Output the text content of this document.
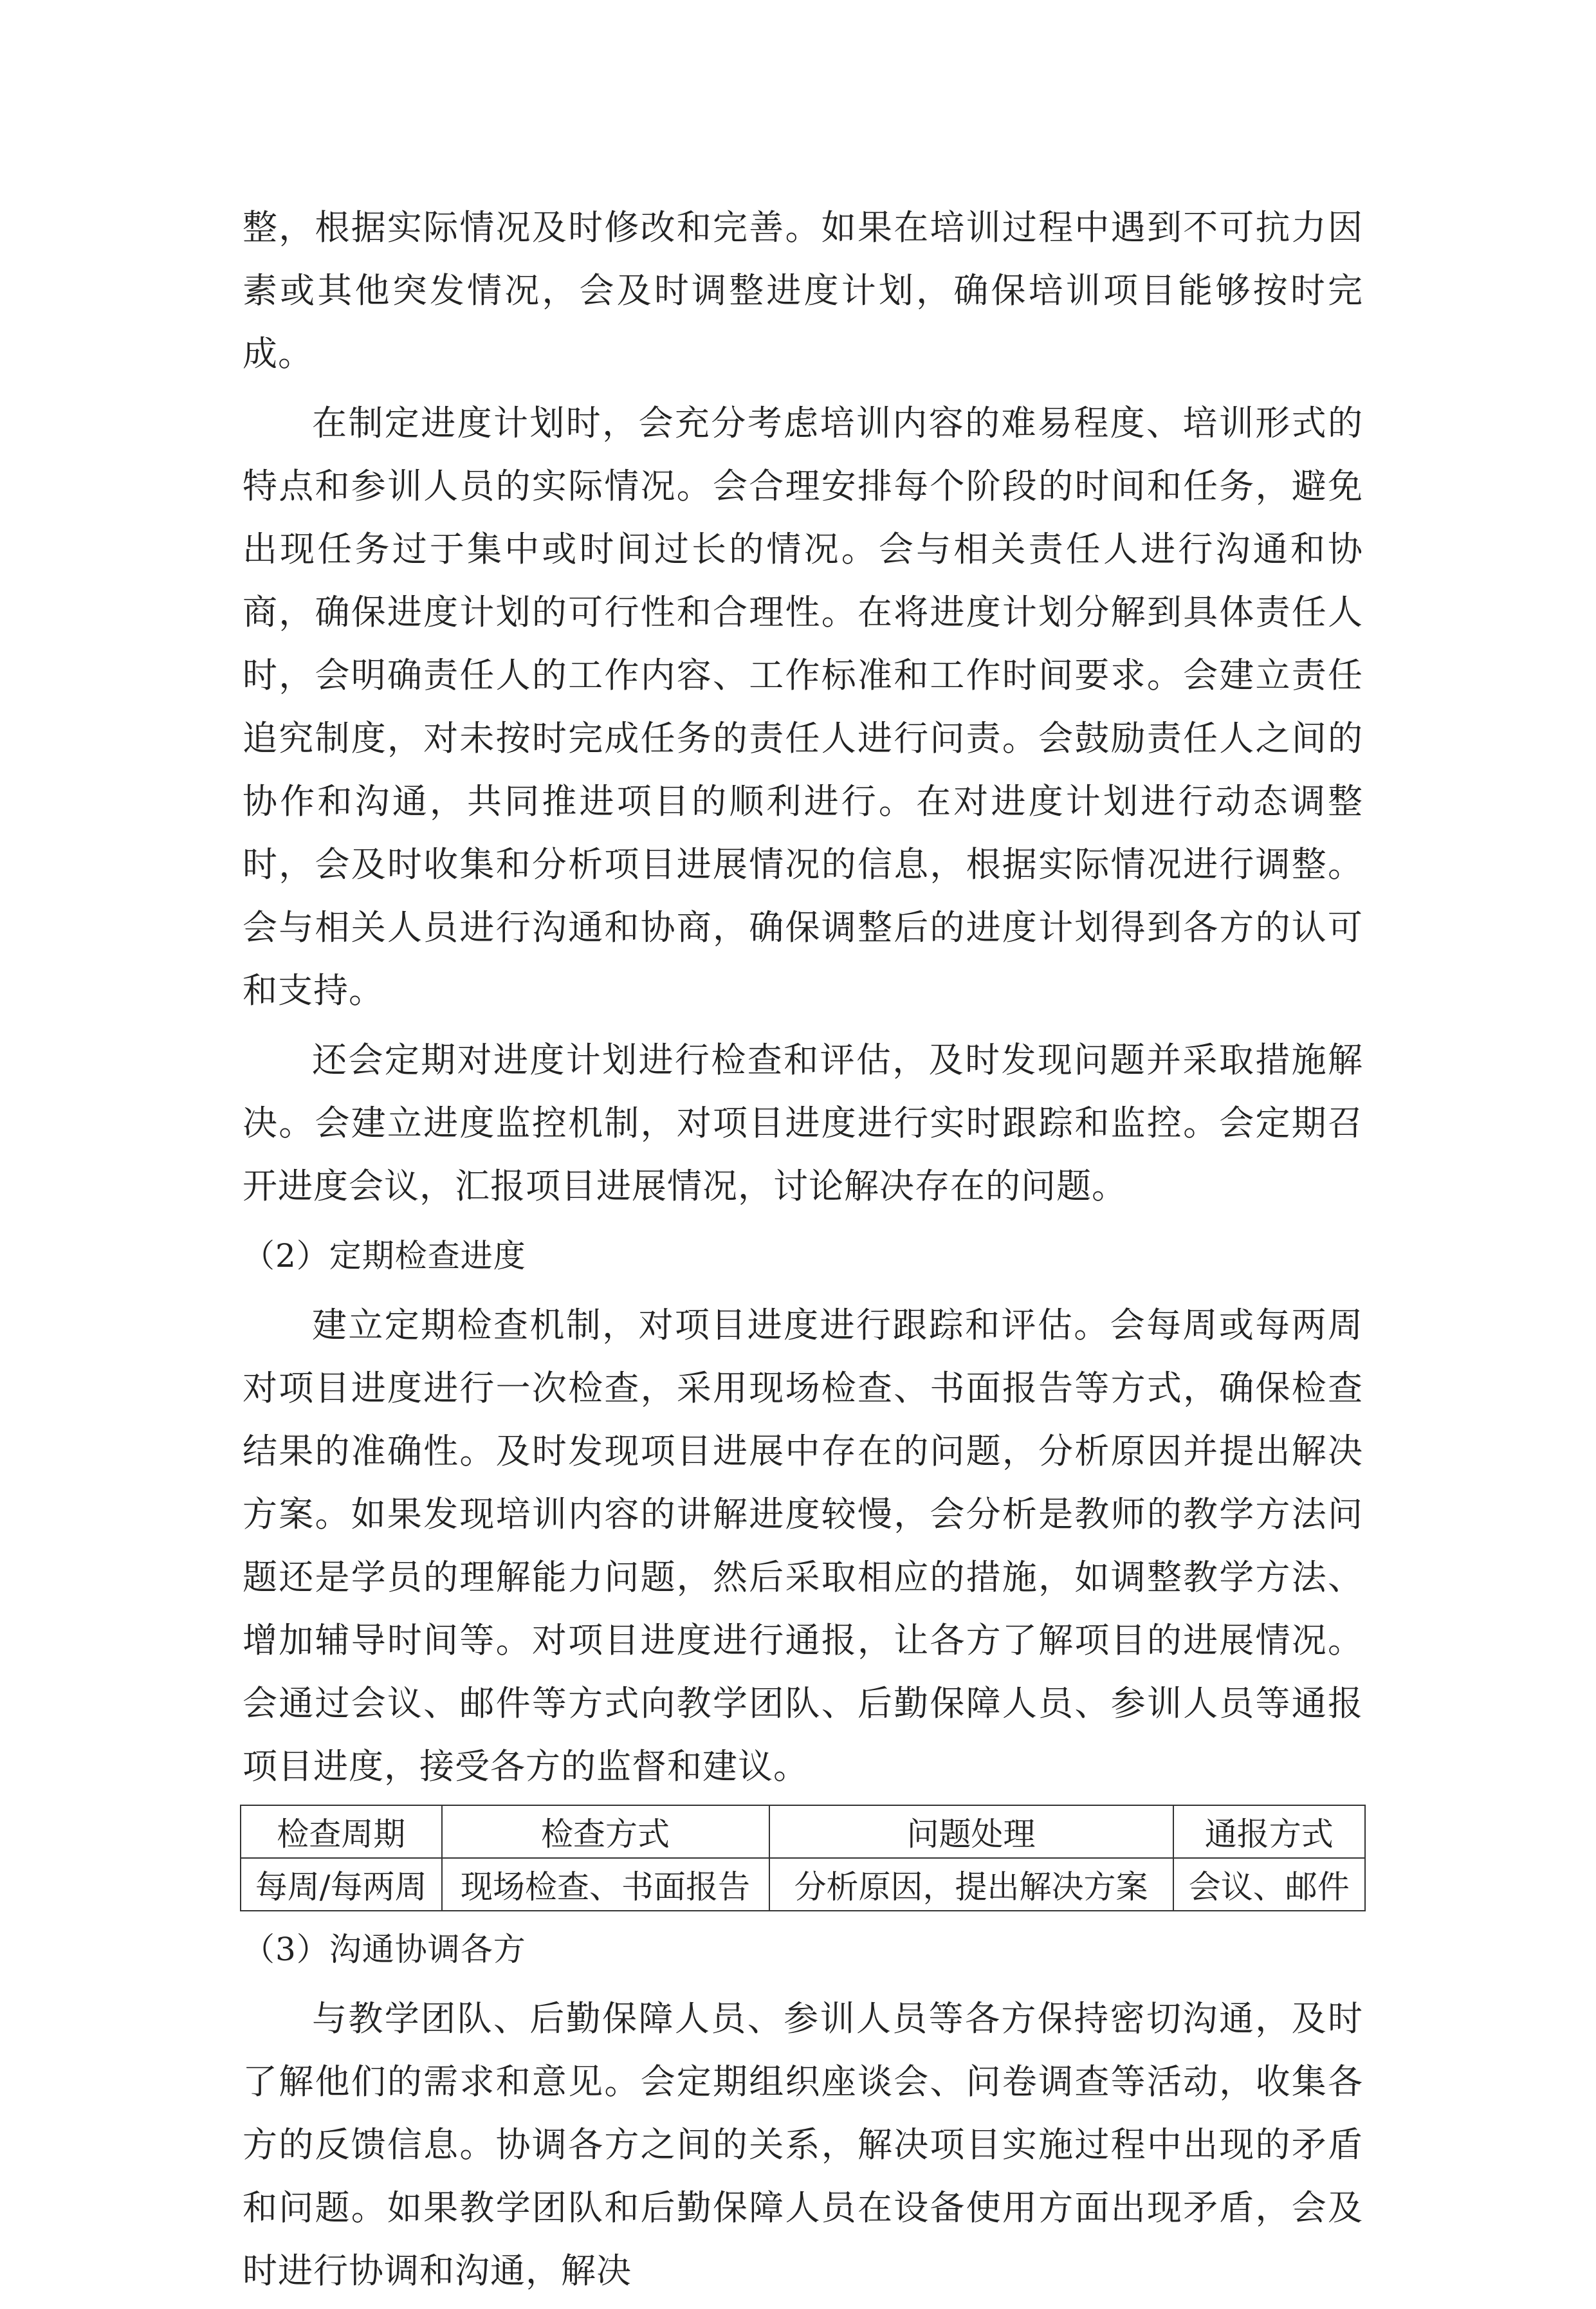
整，根据实际情况及时修改和完善。如果在培训过程中遇到不可抗力因素或其他突发情况，会及时调整进度计划，确保培训项目能够按时完成。

在制定进度计划时，会充分考虑培训内容的难易程度、培训形式的特点和参训人员的实际情况。会合理安排每个阶段的时间和任务，避免出现任务过于集中或时间过长的情况。会与相关责任人进行沟通和协商，确保进度计划的可行性和合理性。在将进度计划分解到具体责任人时，会明确责任人的工作内容、工作标准和工作时间要求。会建立责任追究制度，对未按时完成任务的责任人进行问责。会鼓励责任人之间的协作和沟通，共同推进项目的顺利进行。在对进度计划进行动态调整时，会及时收集和分析项目进展情况的信息，根据实际情况进行调整。会与相关人员进行沟通和协商，确保调整后的进度计划得到各方的认可和支持。

还会定期对进度计划进行检查和评估，及时发现问题并采取措施解决。会建立进度监控机制，对项目进度进行实时跟踪和监控。会定期召开进度会议，汇报项目进展情况，讨论解决存在的问题。

（2）定期检查进度

建立定期检查机制，对项目进度进行跟踪和评估。会每周或每两周对项目进度进行一次检查，采用现场检查、书面报告等方式，确保检查结果的准确性。及时发现项目进展中存在的问题，分析原因并提出解决方案。如果发现培训内容的讲解进度较慢，会分析是教师的教学方法问题还是学员的理解能力问题，然后采取相应的措施，如调整教学方法、增加辅导时间等。对项目进度进行通报，让各方了解项目的进展情况。会通过会议、邮件等方式向教学团队、后勤保障人员、参训人员等通报项目进度，接受各方的监督和建议。

检查周期	检查方式	问题处理	通报方式
每周/每两周	现场检查、书面报告	分析原因，提出解决方案	会议、邮件

（3）沟通协调各方

与教学团队、后勤保障人员、参训人员等各方保持密切沟通，及时了解他们的需求和意见。会定期组织座谈会、问卷调查等活动，收集各方的反馈信息。协调各方之间的关系，解决项目实施过程中出现的矛盾和问题。如果教学团队和后勤保障人员在设备使用方面出现矛盾，会及时进行协调和沟通，解决
